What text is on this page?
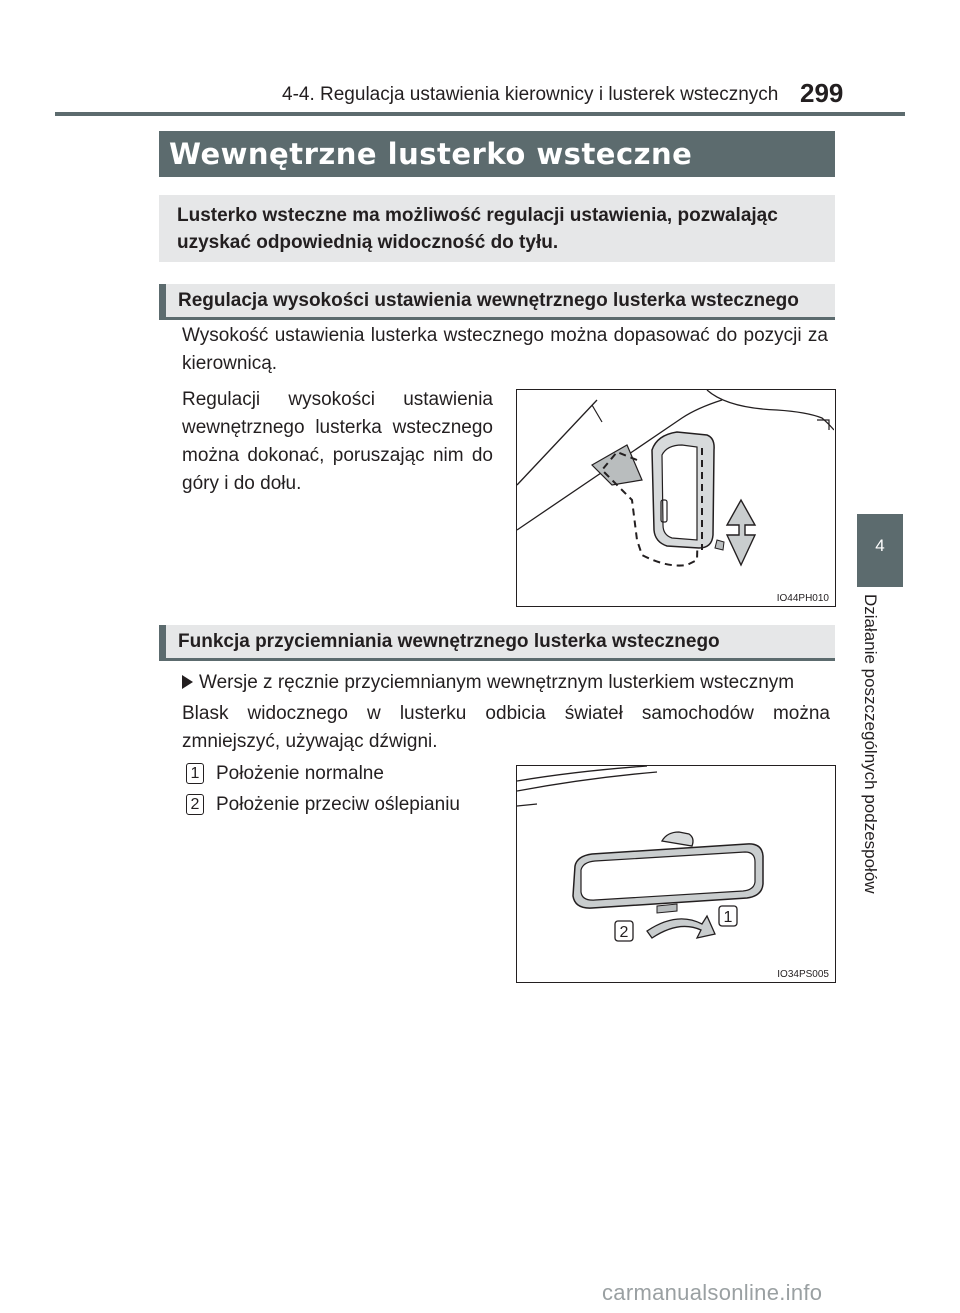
4-4. Regulacja ustawienia kierownicy i lusterek wstecznych 299
4
Działanie poszczególnych podzespołów
Wewnętrzne lusterko wsteczne
Lusterko wsteczne ma możliwość regulacji ustawienia, pozwalając uzyskać odpowiednią widoczność do tyłu.
Regulacja wysokości ustawienia wewnętrznego lusterka wstecznego
Wysokość ustawienia lusterka wstecznego można dopasować do pozycji za kierownicą.
Regulacji wysokości ustawienia wewnętrznego lusterka wstecznego można dokonać, poruszając nim do góry i do dołu.
IO44PH010
Funkcja przyciemniania wewnętrznego lusterka wstecznego
Wersje z ręcznie przyciemnianym wewnętrznym lusterkiem wstecznym
Blask widocznego w lusterku odbicia świateł samochodów można zmniejszyć, używając dźwigni.
1 Położenie normalne
2 Położenie przeciw oślepianiu
2
1
IO34PS005
carmanualsonline.info
